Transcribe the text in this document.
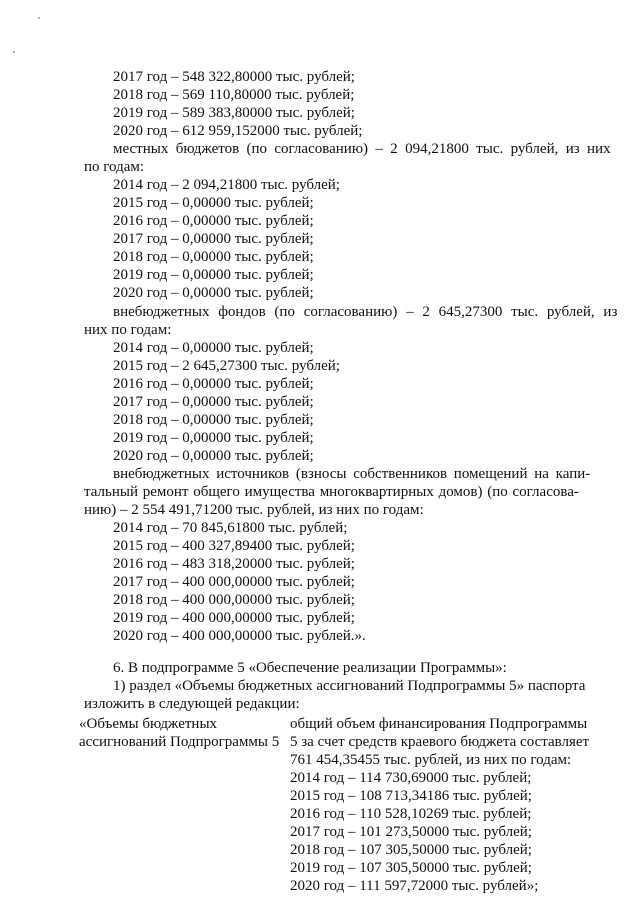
2017 год – 548 322,80000 тыс. рублей;
2018 год – 569 110,80000 тыс. рублей;
2019 год – 589 383,80000 тыс. рублей;
2020 год – 612 959,152000 тыс. рублей;
местных бюджетов (по согласованию) – 2 094,21800 тыс. рублей, из них
по годам:
2014 год – 2 094,21800 тыс. рублей;
2015 год – 0,00000 тыс. рублей;
2016 год – 0,00000 тыс. рублей;
2017 год – 0,00000 тыс. рублей;
2018 год – 0,00000 тыс. рублей;
2019 год – 0,00000 тыс. рублей;
2020 год – 0,00000 тыс. рублей;
внебюджетных фондов (по согласованию) – 2 645,27300 тыс. рублей, из
них по годам:
2014 год – 0,00000 тыс. рублей;
2015 год – 2 645,27300 тыс. рублей;
2016 год – 0,00000 тыс. рублей;
2017 год – 0,00000 тыс. рублей;
2018 год – 0,00000 тыс. рублей;
2019 год – 0,00000 тыс. рублей;
2020 год – 0,00000 тыс. рублей;
внебюджетных источников (взносы собственников помещений на капи-
тальный ремонт общего имущества многоквартирных домов) (по согласова-
нию) – 2 554 491,71200 тыс. рублей, из них по годам:
2014 год – 70 845,61800 тыс. рублей;
2015 год – 400 327,89400 тыс. рублей;
2016 год – 483 318,20000 тыс. рублей;
2017 год – 400 000,00000 тыс. рублей;
2018 год – 400 000,00000 тыс. рублей;
2019 год – 400 000,00000 тыс. рублей;
2020 год – 400 000,00000 тыс. рублей.».
6. В подпрограмме 5 «Обеспечение реализации Программы»:
1) раздел «Объемы бюджетных ассигнований Подпрограммы 5» паспорта
изложить в следующей редакции:
«Объемы бюджетных
ассигнований Подпрограммы 5
общий объем финансирования Подпрограммы
5 за счет средств краевого бюджета составляет
761 454,35455 тыс. рублей, из них по годам:
2014 год – 114 730,69000 тыс. рублей;
2015 год – 108 713,34186 тыс. рублей;
2016 год – 110 528,10269 тыс. рублей;
2017 год – 101 273,50000 тыс. рублей;
2018 год – 107 305,50000 тыс. рублей;
2019 год – 107 305,50000 тыс. рублей;
2020 год – 111 597,72000 тыс. рублей»;
